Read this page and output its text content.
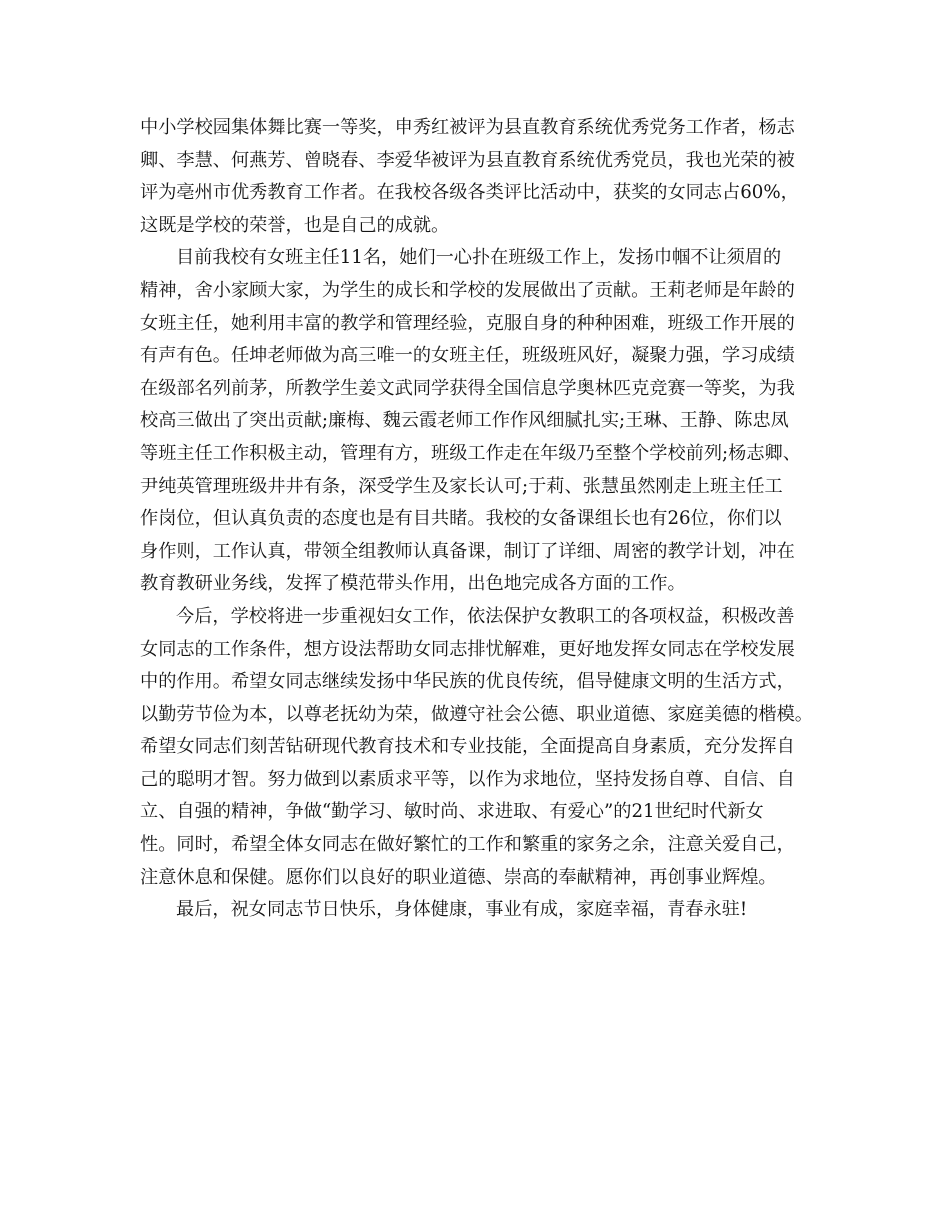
中小学校园集体舞比赛一等奖，申秀红被评为县直教育系统优秀党务工作者，杨志
卿、李慧、何燕芳、曾晓春、李爱华被评为县直教育系统优秀党员，我也光荣的被
评为亳州市优秀教育工作者。在我校各级各类评比活动中，获奖的女同志占60%，
这既是学校的荣誉，也是自己的成就。
目前我校有女班主任11名，她们一心扑在班级工作上，发扬巾帼不让须眉的
精神，舍小家顾大家，为学生的成长和学校的发展做出了贡献。王莉老师是年龄的
女班主任，她利用丰富的教学和管理经验，克服自身的种种困难，班级工作开展的
有声有色。任坤老师做为高三唯一的女班主任，班级班风好，凝聚力强，学习成绩
在级部名列前茅，所教学生姜文武同学获得全国信息学奥林匹克竞赛一等奖，为我
校高三做出了突出贡献;廉梅、魏云霞老师工作作风细腻扎实;王琳、王静、陈忠凤
等班主任工作积极主动，管理有方，班级工作走在年级乃至整个学校前列;杨志卿、
尹纯英管理班级井井有条，深受学生及家长认可;于莉、张慧虽然刚走上班主任工
作岗位，但认真负责的态度也是有目共睹。我校的女备课组长也有26位，你们以
身作则，工作认真，带领全组教师认真备课，制订了详细、周密的教学计划，冲在
教育教研业务线，发挥了模范带头作用，出色地完成各方面的工作。
今后，学校将进一步重视妇女工作，依法保护女教职工的各项权益，积极改善
女同志的工作条件，想方设法帮助女同志排忧解难，更好地发挥女同志在学校发展
中的作用。希望女同志继续发扬中华民族的优良传统，倡导健康文明的生活方式，
以勤劳节俭为本，以尊老抚幼为荣，做遵守社会公德、职业道德、家庭美德的楷模。
希望女同志们刻苦钻研现代教育技术和专业技能，全面提高自身素质，充分发挥自
己的聪明才智。努力做到以素质求平等，以作为求地位，坚持发扬自尊、自信、自
立、自强的精神，争做“勤学习、敏时尚、求进取、有爱心”的21世纪时代新女
性。同时，希望全体女同志在做好繁忙的工作和繁重的家务之余，注意关爱自己，
注意休息和保健。愿你们以良好的职业道德、崇高的奉献精神，再创事业辉煌。
最后，祝女同志节日快乐，身体健康，事业有成，家庭幸福，青春永驻!
